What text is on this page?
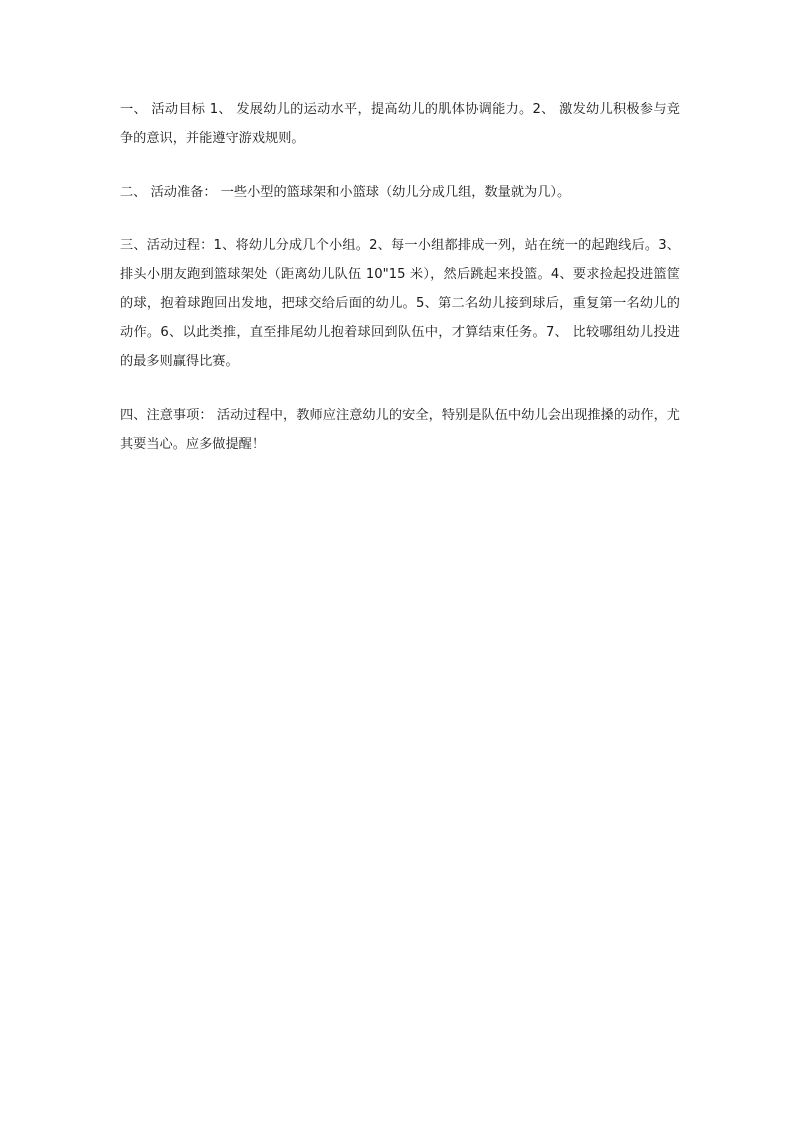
一、 活动目标 1、 发展幼儿的运动水平，提高幼儿的肌体协调能力。2、 激发幼儿积极参与竞争的意识，并能遵守游戏规则。

二、 活动准备： 一些小型的篮球架和小篮球（幼儿分成几组，数量就为几）。

三、活动过程：1、将幼儿分成几个小组。2、每一小组都排成一列，站在统一的起跑线后。3、排头小朋友跑到篮球架处（距离幼儿队伍 10"15 米），然后跳起来投篮。4、要求捡起投进篮筐的球，抱着球跑回出发地，把球交给后面的幼儿。5、第二名幼儿接到球后，重复第一名幼儿的动作。6、以此类推，直至排尾幼儿抱着球回到队伍中，才算结束任务。7、 比较哪组幼儿投进的最多则赢得比赛。

四、注意事项： 活动过程中，教师应注意幼儿的安全，特别是队伍中幼儿会出现推搡的动作，尤其要当心。应多做提醒！
